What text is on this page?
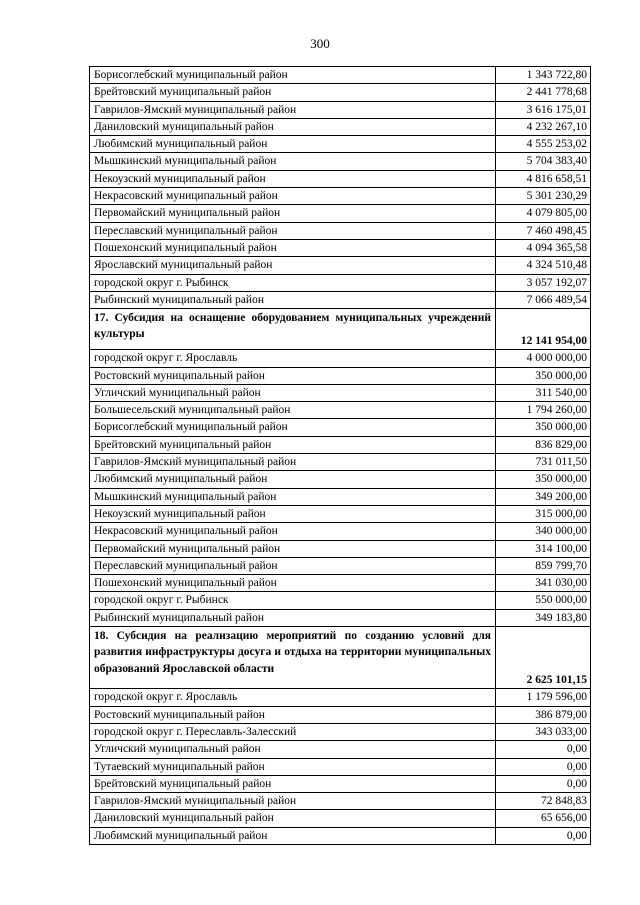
300
Борисоглебский муниципальный район	1 343 722,80
Брейтовский муниципальный район	2 441 778,68
Гаврилов-Ямский муниципальный район	3 616 175,01
Даниловский муниципальный район	4 232 267,10
Любимский муниципальный район	4 555 253,02
Мышкинский муниципальный район	5 704 383,40
Некоузский муниципальный район	4 816 658,51
Некрасовский муниципальный район	5 301 230,29
Первомайский муниципальный район	4 079 805,00
Переславский муниципальный район	7 460 498,45
Пошехонский муниципальный район	4 094 365,58
Ярославский муниципальный район	4 324 510,48
городской округ г. Рыбинск	3 057 192,07
Рыбинский муниципальный район	7 066 489,54
17. Субсидия на оснащение оборудованием муниципальных учреждений культуры	12 141 954,00
городской округ г. Ярославль	4 000 000,00
Ростовский муниципальный район	350 000,00
Угличский муниципальный район	311 540,00
Большесельский муниципальный район	1 794 260,00
Борисоглебский муниципальный район	350 000,00
Брейтовский муниципальный район	836 829,00
Гаврилов-Ямский муниципальный район	731 011,50
Любимский муниципальный район	350 000,00
Мышкинский муниципальный район	349 200,00
Некоузский муниципальный район	315 000,00
Некрасовский муниципальный район	340 000,00
Первомайский муниципальный район	314 100,00
Переславский муниципальный район	859 799,70
Пошехонский муниципальный район	341 030,00
городской округ г. Рыбинск	550 000,00
Рыбинский муниципальный район	349 183,80
18. Субсидия на реализацию мероприятий по созданию условий для развития инфраструктуры досуга и отдыха на территории муниципальных образований Ярославской области	2 625 101,15
городской округ г. Ярославль	1 179 596,00
Ростовский муниципальный район	386 879,00
городской округ г. Переславль-Залесский	343 033,00
Угличский муниципальный район	0,00
Тутаевский муниципальный район	0,00
Брейтовский муниципальный район	0,00
Гаврилов-Ямский муниципальный район	72 848,83
Даниловский муниципальный район	65 656,00
Любимский муниципальный район	0,00
